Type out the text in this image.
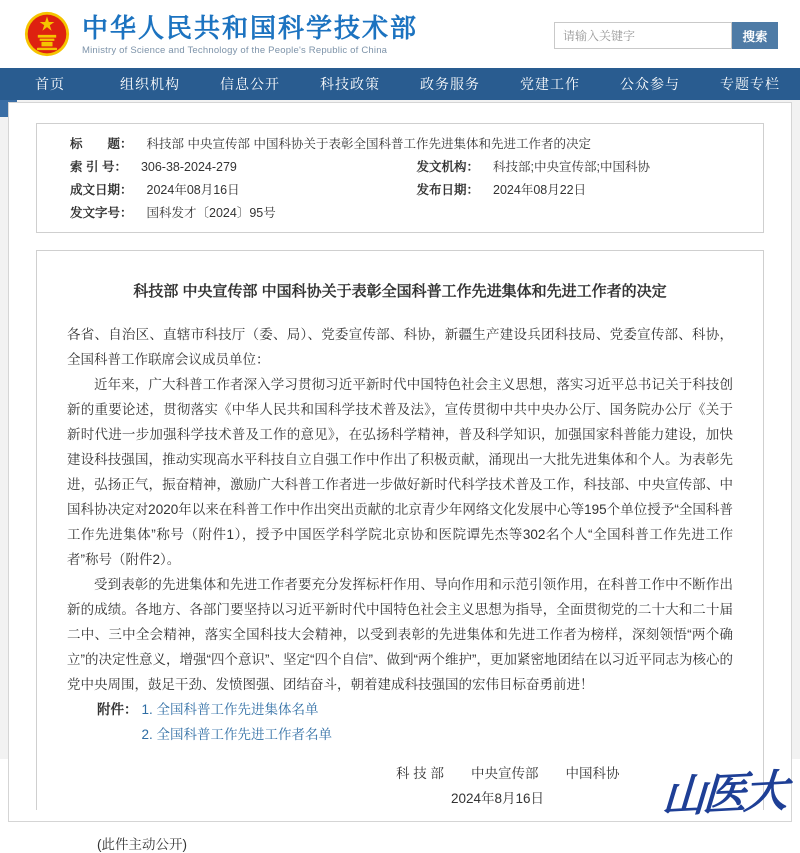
中华人民共和国科学技术部
Ministry of Science and Technology of the People's Republic of China
请输入关键字
搜索
首页	组织机构	信息公开	科技政策	政务服务	党建工作	公众参与	专题专栏
标　　题： 科技部 中央宣传部 中国科协关于表彰全国科普工作先进集体和先进工作者的决定
索 引 号： 306-38-2024-279	发文机构： 科技部;中央宣传部;中国科协
成文日期： 2024年08月16日	发布日期： 2024年08月22日
发文字号： 国科发才〔2024〕95号
科技部 中央宣传部 中国科协关于表彰全国科普工作先进集体和先进工作者的决定

各省、自治区、直辖市科技厅（委、局）、党委宣传部、科协，新疆生产建设兵团科技局、党委宣传部、科协，全国科普工作联席会议成员单位：

近年来，广大科普工作者深入学习贯彻习近平新时代中国特色社会主义思想，落实习近平总书记关于科技创新的重要论述，贯彻落实《中华人民共和国科学技术普及法》，宣传贯彻中共中央办公厅、国务院办公厅《关于新时代进一步加强科学技术普及工作的意见》，在弘扬科学精神，普及科学知识，加强国家科普能力建设，加快建设科技强国，推动实现高水平科技自立自强工作中作出了积极贡献，涌现出一大批先进集体和个人。为表彰先进，弘扬正气，振奋精神，激励广大科普工作者进一步做好新时代科学技术普及工作，科技部、中央宣传部、中国科协决定对2020年以来在科普工作中作出突出贡献的北京青少年网络文化发展中心等195个单位授予“全国科普工作先进集体”称号（附件1），授予中国医学科学院北京协和医院谭先杰等302名个人“全国科普工作先进工作者”称号（附件2）。

受到表彰的先进集体和先进工作者要充分发挥标杆作用、导向作用和示范引领作用，在科普工作中不断作出新的成绩。各地方、各部门要坚持以习近平新时代中国特色社会主义思想为指导，全面贯彻党的二十大和二十届二中、三中全会精神，落实全国科技大会精神，以受到表彰的先进集体和先进工作者为榜样，深刻领悟“两个确立”的决定性意义，增强“四个意识”、坚定“四个自信”、做到“两个维护”，更加紧密地团结在以习近平同志为核心的党中央周围，鼓足干劲、发愤图强、团结奋斗，朝着建成科技强国的宏伟目标奋勇前进！

附件： 1. 全国科普工作先进集体名单
2. 全国科普工作先进工作者名单
科 技 部　　中央宣传部　　中国科协
2024年8月16日
(此件主动公开)
山医大
